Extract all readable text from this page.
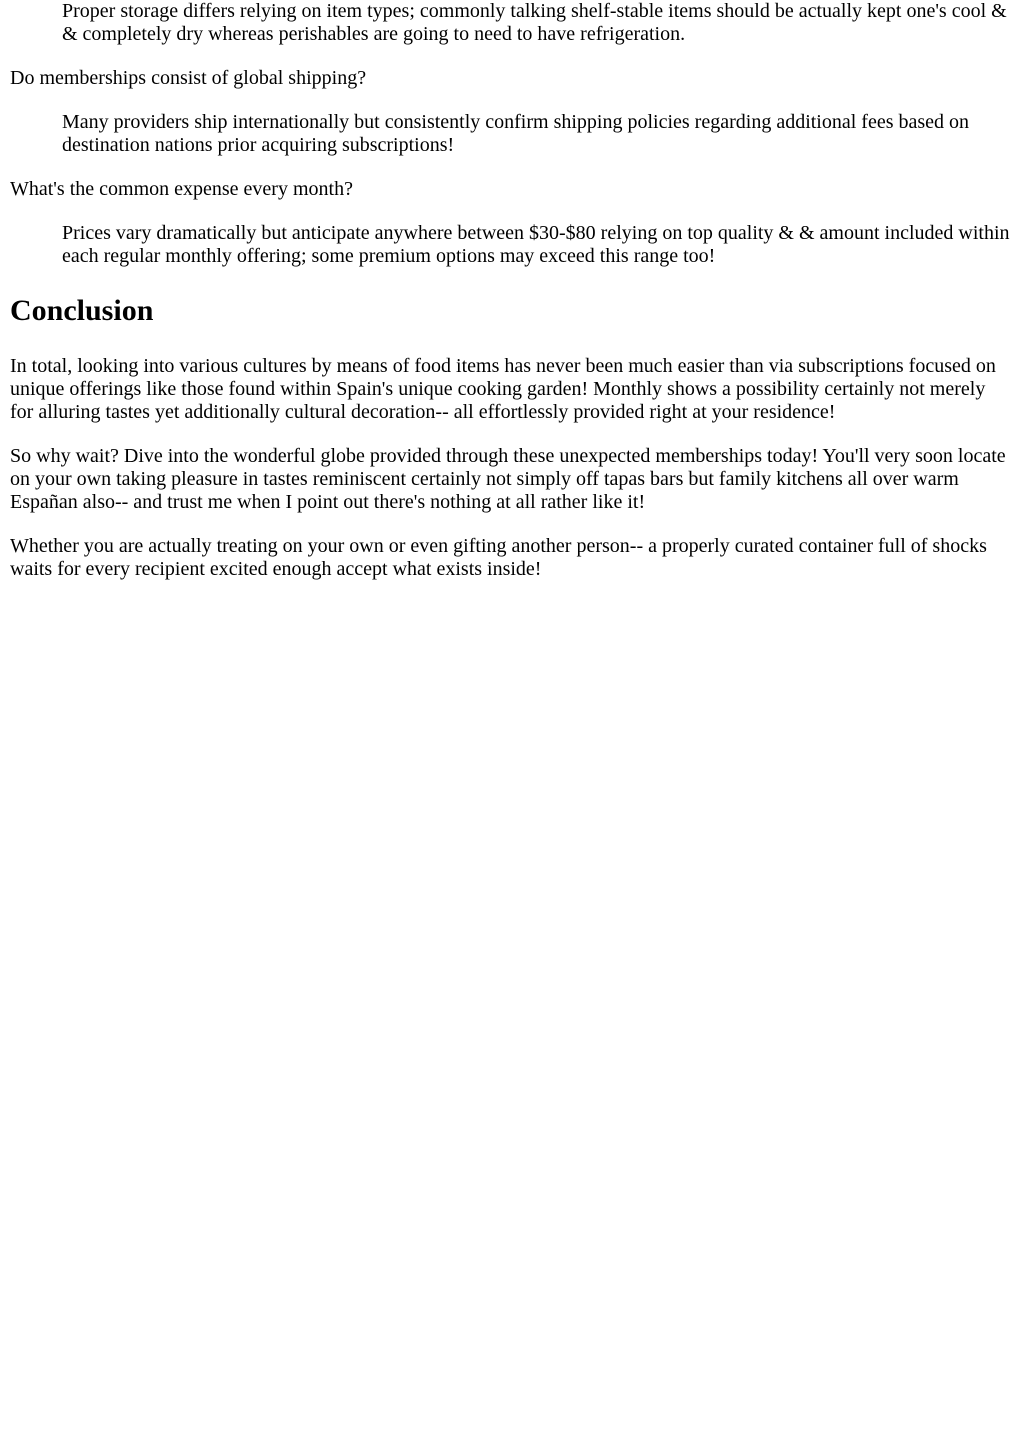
Proper storage differs relying on item types; commonly talking shelf-stable items should be actually kept one's cool & & completely dry whereas perishables are going to need to have refrigeration.

Do memberships consist of global shipping?

Many providers ship internationally but consistently confirm shipping policies regarding additional fees based on destination nations prior acquiring subscriptions!

What's the common expense every month?

Prices vary dramatically but anticipate anywhere between $30-$80 relying on top quality & & amount included within each regular monthly offering; some premium options may exceed this range too!

Conclusion

In total, looking into various cultures by means of food items has never been much easier than via subscriptions focused on unique offerings like those found within Spain's unique cooking garden! Monthly shows a possibility certainly not merely for alluring tastes yet additionally cultural decoration-- all effortlessly provided right at your residence!

So why wait? Dive into the wonderful globe provided through these unexpected memberships today! You'll very soon locate on your own taking pleasure in tastes reminiscent certainly not simply off tapas bars but family kitchens all over warm Españan also-- and trust me when I point out there's nothing at all rather like it!

Whether you are actually treating on your own or even gifting another person-- a properly curated container full of shocks waits for every recipient excited enough accept what exists inside!
